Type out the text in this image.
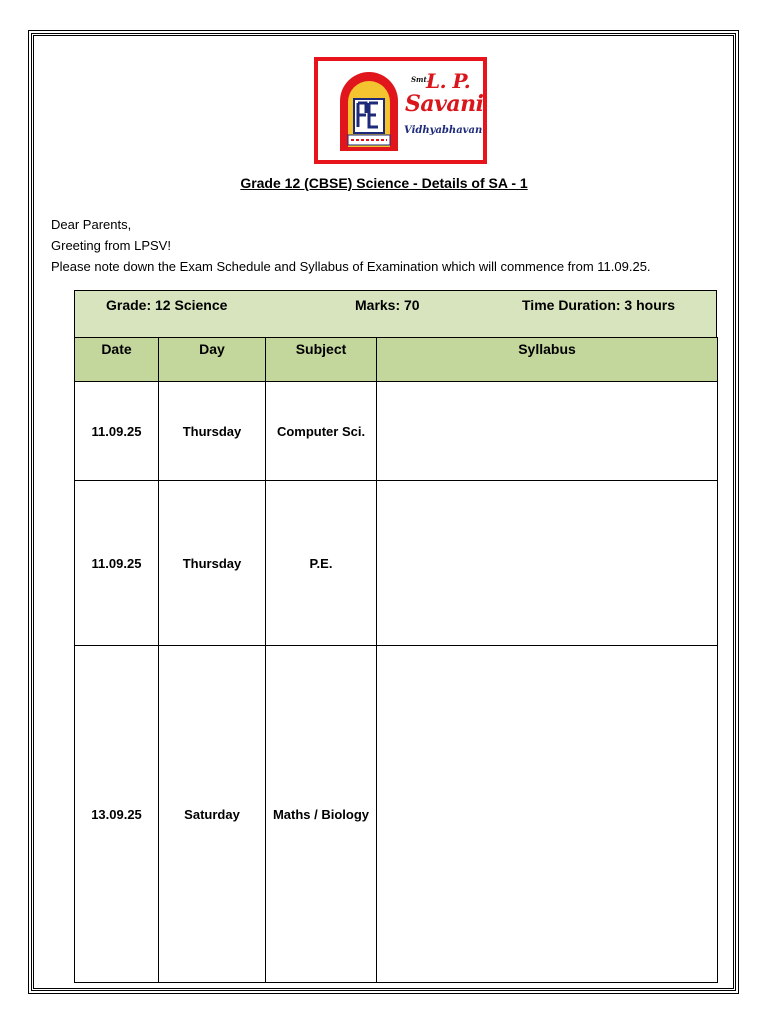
Smt.
L. P.
Savani
Vidhyabhavan
Grade 12 (CBSE) Science - Details of SA - 1
Dear Parents,
Greeting from LPSV!
Please note down the Exam Schedule and Syllabus of Examination which will commence from 11.09.25.
Grade: 12 Science	Marks: 70	Time Duration: 3 hours
Date	Day	Subject	Syllabus
11.09.25	Thursday	Computer Sci.	
11.09.25	Thursday	P.E.	
13.09.25	Saturday	Maths / Biology	
